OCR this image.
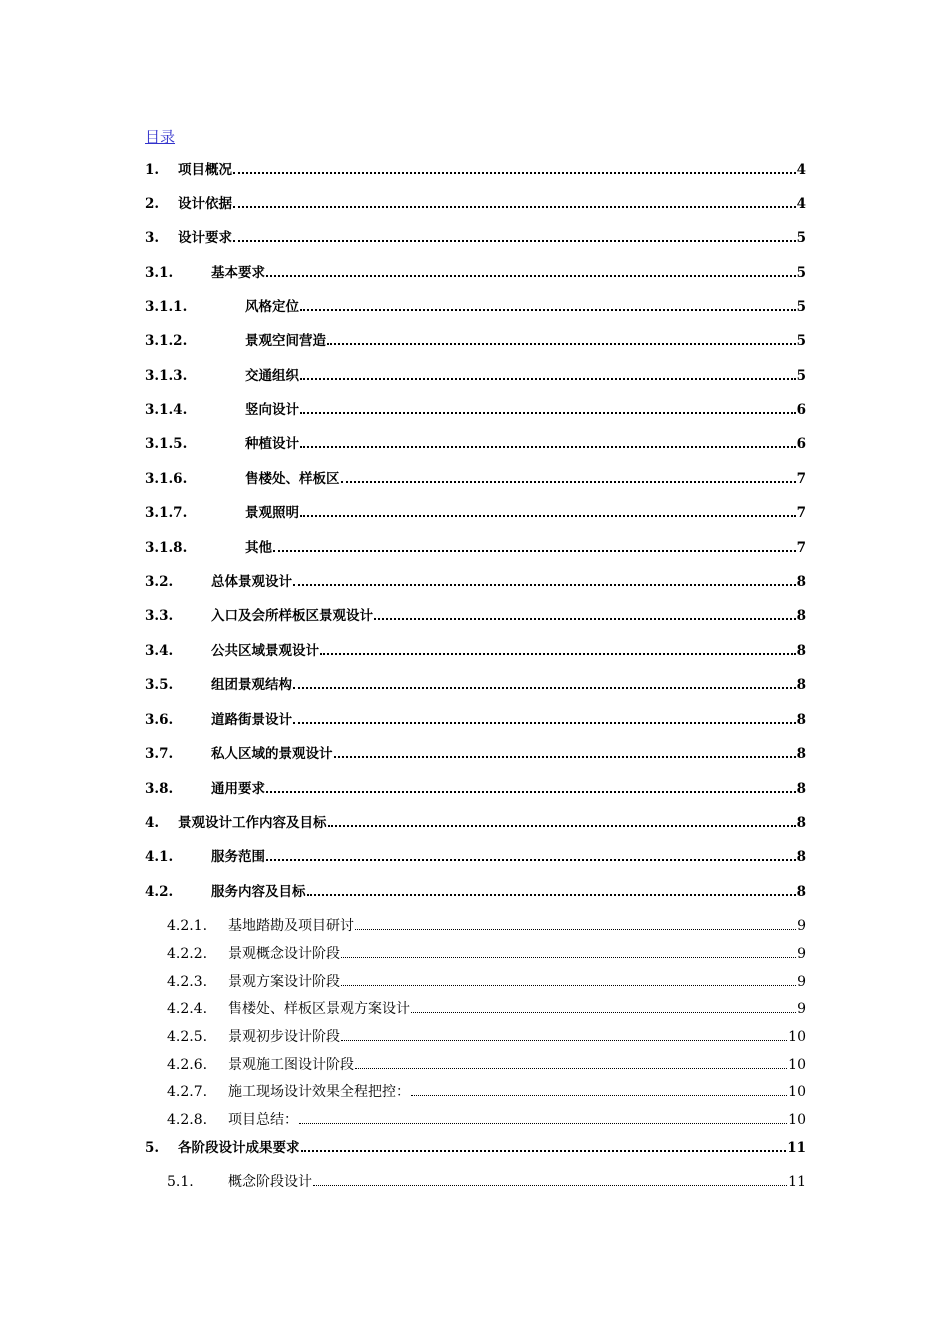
目录
1.	项目概况	4
2.	设计依据	4
3.	设计要求	5
3.1.	基本要求	5
3.1.1.	风格定位	5
3.1.2.	景观空间营造	5
3.1.3.	交通组织	5
3.1.4.	竖向设计	6
3.1.5.	种植设计	6
3.1.6.	售楼处、样板区	7
3.1.7.	景观照明	7
3.1.8.	其他	7
3.2.	总体景观设计	8
3.3.	入口及会所样板区景观设计	8
3.4.	公共区域景观设计	8
3.5.	组团景观结构	8
3.6.	道路街景设计	8
3.7.	私人区域的景观设计	8
3.8.	通用要求	8
4.	景观设计工作内容及目标	8
4.1.	服务范围	8
4.2.	服务内容及目标	8
4.2.1.	基地踏勘及项目研讨	9
4.2.2.	景观概念设计阶段	9
4.2.3.	景观方案设计阶段	9
4.2.4.	售楼处、样板区景观方案设计	9
4.2.5.	景观初步设计阶段	10
4.2.6.	景观施工图设计阶段	10
4.2.7.	施工现场设计效果全程把控：	10
4.2.8.	项目总结：	10
5.	各阶段设计成果要求	11
5.1.	概念阶段设计	11
